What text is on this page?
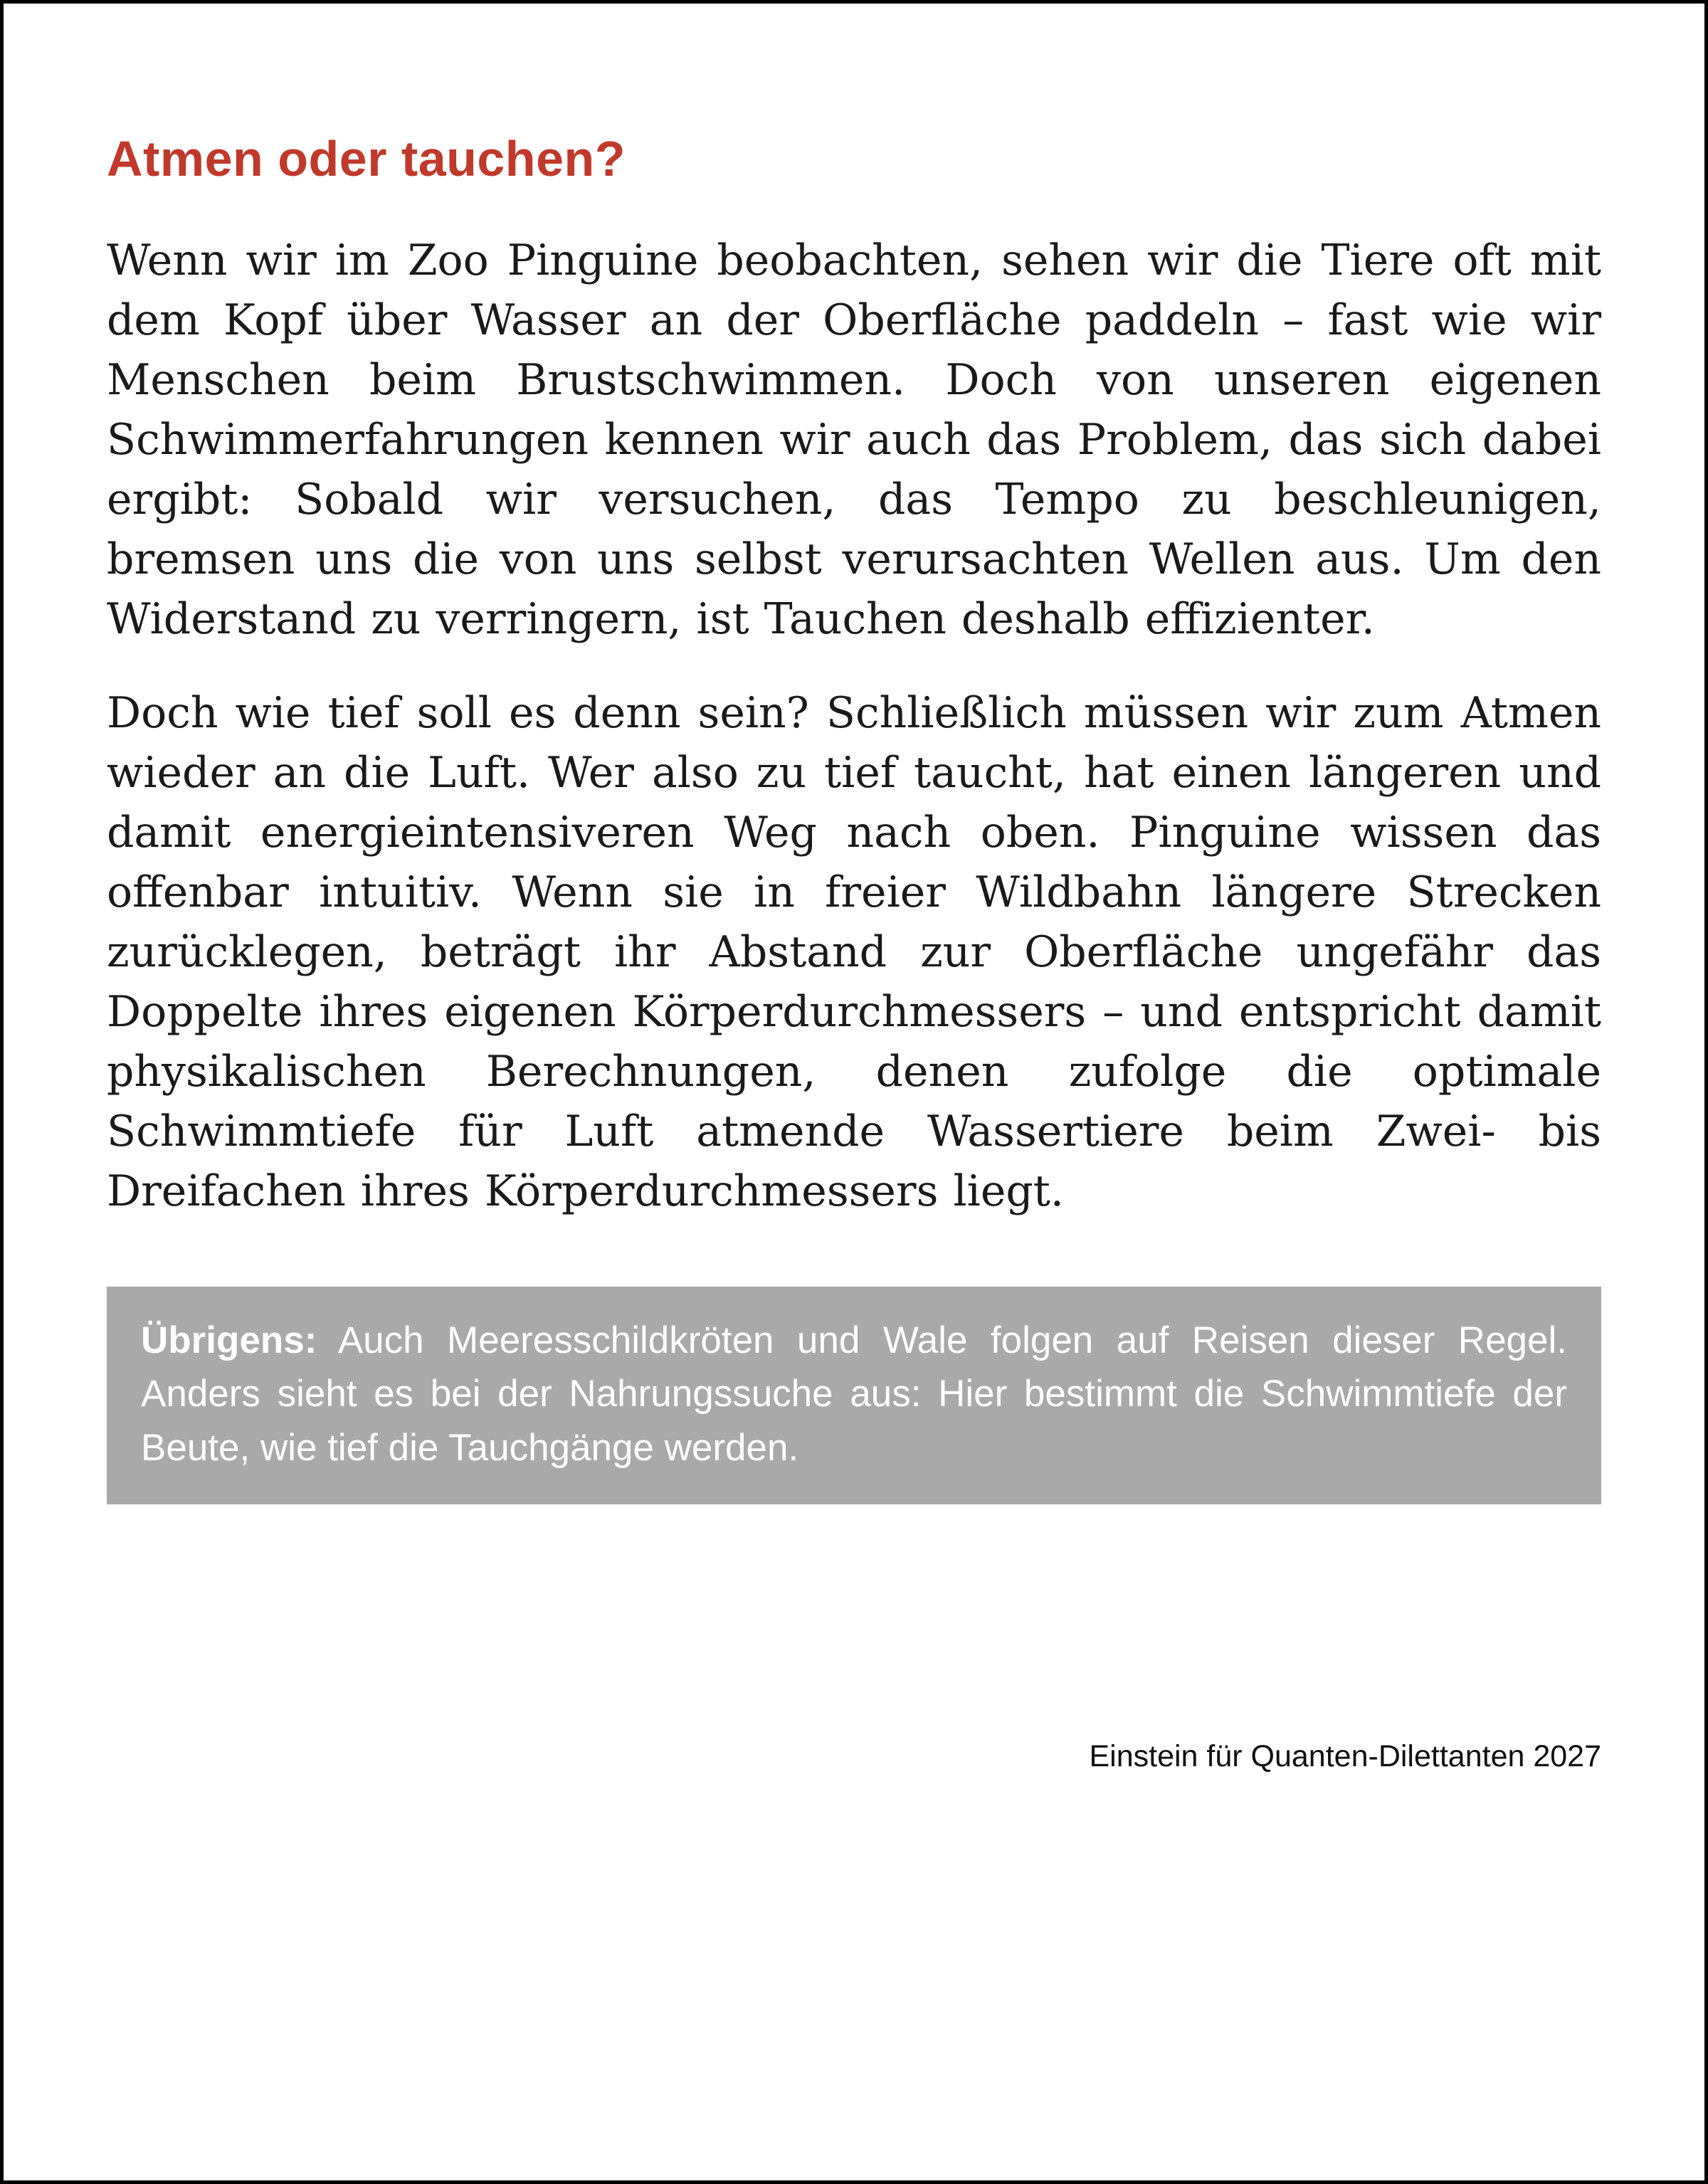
Atmen oder tauchen?

Wenn wir im Zoo Pinguine beobachten, sehen wir die Tiere oft mit dem Kopf über Wasser an der Oberfläche paddeln – fast wie wir Menschen beim Brustschwimmen. Doch von unseren eigenen Schwimmerfahrungen kennen wir auch das Problem, das sich dabei ergibt: Sobald wir versuchen, das Tempo zu beschleunigen, bremsen uns die von uns selbst verursachten Wellen aus. Um den Widerstand zu verringern, ist Tauchen deshalb effizienter.

Doch wie tief soll es denn sein? Schließlich müssen wir zum Atmen wieder an die Luft. Wer also zu tief taucht, hat einen längeren und damit energieintensiveren Weg nach oben. Pinguine wissen das offenbar intuitiv. Wenn sie in freier Wildbahn längere Strecken zurücklegen, beträgt ihr Abstand zur Oberfläche ungefähr das Doppelte ihres eigenen Körperdurchmessers – und entspricht damit physikalischen Berechnungen, denen zufolge die optimale Schwimmtiefe für Luft atmende Wassertiere beim Zwei- bis Dreifachen ihres Körperdurchmessers liegt.

Übrigens: Auch Meeresschildkröten und Wale folgen auf Reisen dieser Regel. Anders sieht es bei der Nahrungssuche aus: Hier bestimmt die Schwimmtiefe der Beute, wie tief die Tauchgänge werden.

Einstein für Quanten-Dilettanten 2027
